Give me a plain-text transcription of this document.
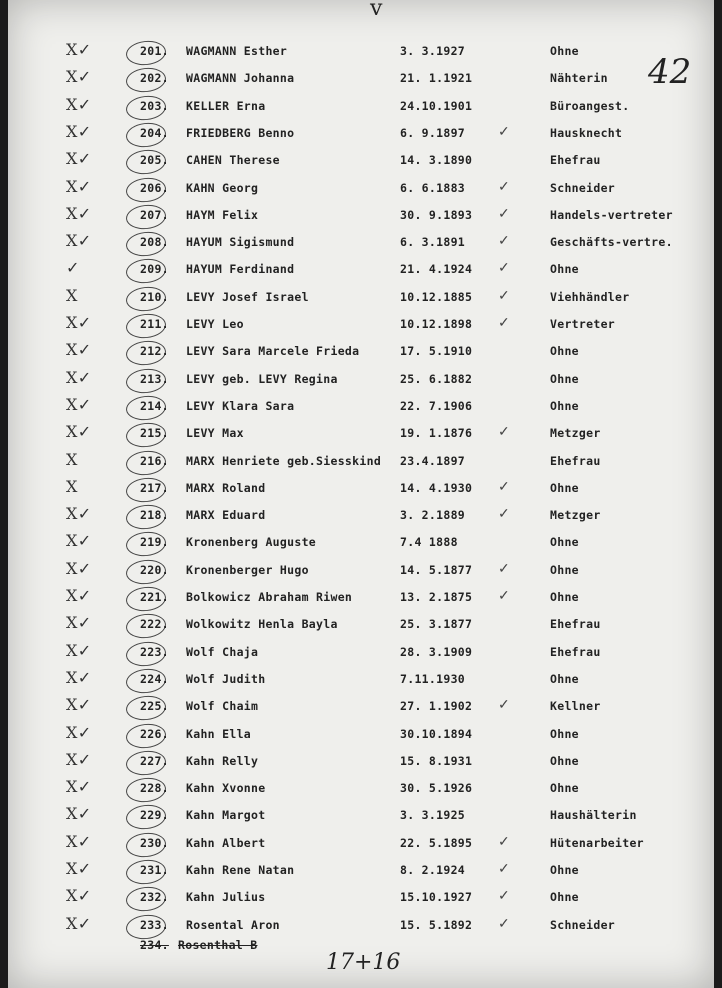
v
42
X✓	201. WAGMANN Esther	3. 3.1927	Ohne
X✓	202. WAGMANN Johanna	21. 1.1921	Nähterin
X✓	203. KELLER Erna	24.10.1901	Büroangest.
X✓	204. FRIEDBERG Benno	6. 9.1897 ✓	Hausknecht
X✓	205. CAHEN Therese	14. 3.1890	Ehefrau
X✓	206. KAHN Georg	6. 6.1883 ✓	Schneider
X✓	207. HAYM Felix	30. 9.1893 ✓	Handels-vertreter
X✓	208. HAYUM Sigismund	6. 3.1891 ✓	Geschäfts-vertre.
✓	209. HAYUM Ferdinand	21. 4.1924 ✓	Ohne
X	210. LEVY Josef Israel	10.12.1885 ✓	Viehhändler
X✓	211. LEVY Leo	10.12.1898 ✓	Vertreter
X✓	212. LEVY Sara Marcele Frieda	17. 5.1910	Ohne
X✓	213. LEVY geb. LEVY Regina	25. 6.1882	Ohne
X✓	214. LEVY Klara Sara	22. 7.1906	Ohne
X✓	215. LEVY Max	19. 1.1876 ✓	Metzger
X	216. MARX Henriete geb.Siesskind 23.4.1897	Ehefrau
X	217. MARX Roland	14. 4.1930 ✓	Ohne
X✓	218. MARX Eduard	3. 2.1889 ✓	Metzger
X✓	219. Kronenberg Auguste	7.4 1888	Ohne
X✓	220. Kronenberger Hugo	14. 5.1877 ✓	Ohne
X✓	221. Bolkowicz Abraham Riwen	13. 2.1875 ✓	Ohne
X✓	222. Wolkowitz Henla Bayla	25. 3.1877	Ehefrau
X✓	223. Wolf Chaja	28. 3.1909	Ehefrau
X✓	224. Wolf Judith	7.11.1930	Ohne
X✓	225. Wolf Chaim	27. 1.1902 ✓	Kellner
X✓	226. Kahn Ella	30.10.1894	Ohne
X✓	227. Kahn Relly	15. 8.1931	Ohne
X✓	228. Kahn Xvonne	30. 5.1926	Ohne
X✓	229. Kahn Margot	3. 3.1925	Haushälterin
X✓	230. Kahn Albert	22. 5.1895 ✓	Hütenarbeiter
X✓	231. Kahn Rene Natan	8. 2.1924 ✓	Ohne
X✓	232. Kahn Julius	15.10.1927 ✓	Ohne
X✓	233. Rosental Aron	15. 5.1892 ✓	Schneider
234. Rosenthal B
17+16
